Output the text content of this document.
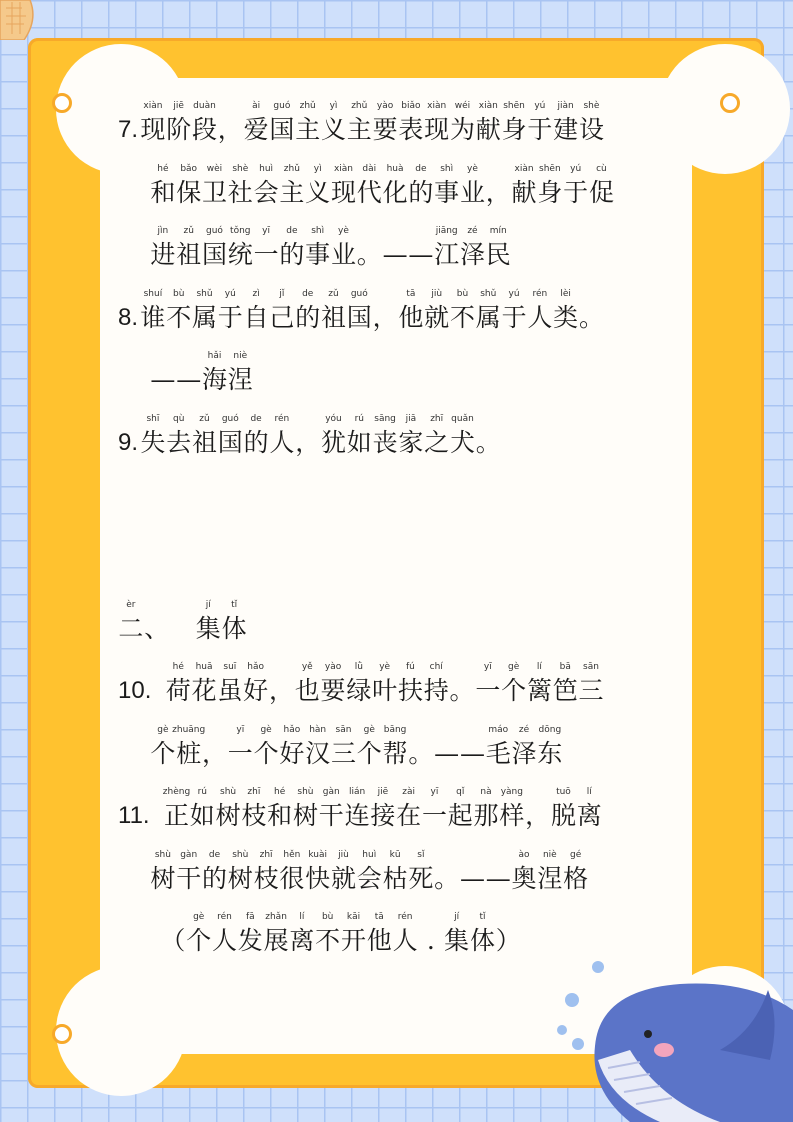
7. 现
xiàn
阶
jiē
段
duàn
， 爱
ài
国
guó
主
zhǔ
义
yì
主
zhǔ
要
yào
表
biǎo
现
xiàn
为
wéi
献
xiàn
身
shēn
于
yú
建
jiàn
设
shè
和
hé
保
bǎo
卫
wèi
社
shè
会
huì
主
zhǔ
义
yì
现
xiàn
代
dài
化
huà
的
de
事
shì
业
yè
， 献
xiàn
身
shēn
于
yú
促
cù
进
jìn
祖
zǔ
国
guó
统
tǒng
一
yī
的
de
事
shì
业
yè
。 — — 江
jiāng
泽
zé
民
mín
8. 谁
shuí
不
bù
属
shǔ
于
yú
自
zì
己
jǐ
的
de
祖
zǔ
国
guó
， 他
tā
就
jiù
不
bù
属
shǔ
于
yú
人
rén
类
lèi
。
— — 海
hǎi
涅
niè
9. 失
shī
去
qù
祖
zǔ
国
guó
的
de
人
rén
， 犹
yóu
如
rú
丧
sāng
家
jiā
之
zhī
犬
quǎn
。
二
èr
、 集
jí
体
tǐ
10. 荷
hé
花
huā
虽
suī
好
hǎo
， 也
yě
要
yào
绿
lǜ
叶
yè
扶
fú
持
chí
。 一
yī
个
gè
篱
lí
笆
bā
三
sān
个
gè
桩
zhuāng
， 一
yī
个
gè
好
hǎo
汉
hàn
三
sān
个
gè
帮
bāng
。 — — 毛
máo
泽
zé
东
dōng
11. 正
zhèng
如
rú
树
shù
枝
zhī
和
hé
树
shù
干
gàn
连
lián
接
jiē
在
zài
一
yī
起
qǐ
那
nà
样
yàng
， 脱
tuō
离
lí
树
shù
干
gàn
的
de
树
shù
枝
zhī
很
hěn
快
kuài
就
jiù
会
huì
枯
kū
死
sǐ
。 — — 奥
ào
涅
niè
格
gé
（ 个
gè
人
rén
发
fā
展
zhǎn
离
lí
不
bù
开
kāi
他
tā
人
rén
. 集
jí
体
tǐ
）
